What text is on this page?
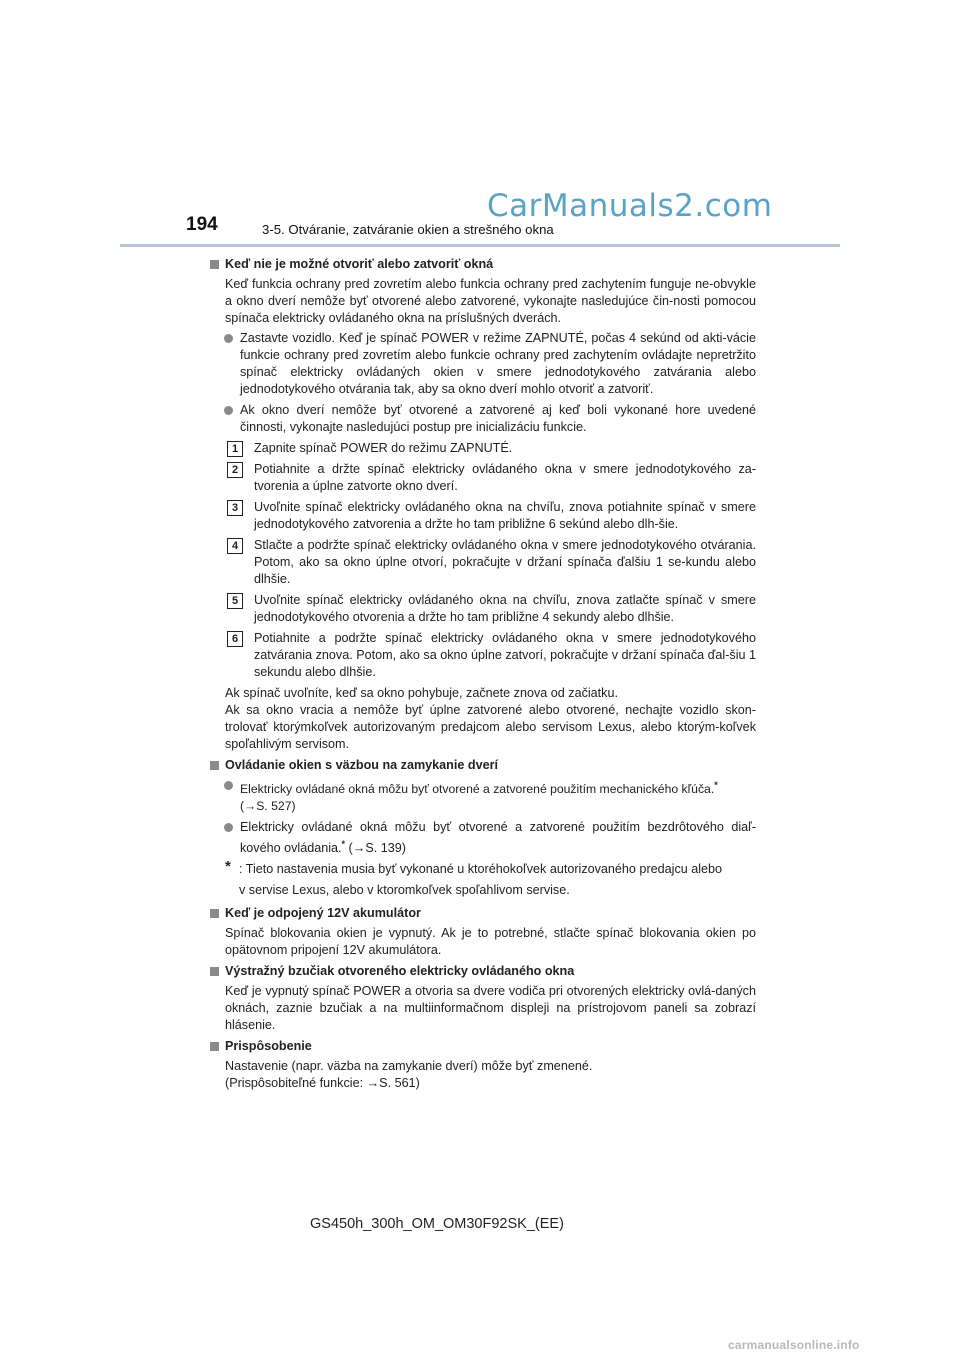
CarManuals2.com
194	3-5. Otváranie, zatváranie okien a strešného okna
Keď nie je možné otvoriť alebo zatvoriť okná
Keď funkcia ochrany pred zovretím alebo funkcia ochrany pred zachytením funguje ne-obvykle a okno dverí nemôže byť otvorené alebo zatvorené, vykonajte nasledujúce čin-nosti pomocou spínača elektricky ovládaného okna na príslušných dverách.
Zastavte vozidlo. Keď je spínač POWER v režime ZAPNUTÉ, počas 4 sekúnd od akti-vácie funkcie ochrany pred zovretím alebo funkcie ochrany pred zachytením ovládajte nepretržito spínač elektricky ovládaných okien v smere jednodotykového zatvárania alebo jednodotykového otvárania tak, aby sa okno dverí mohlo otvoriť a zatvoriť.
Ak okno dverí nemôže byť otvorené a zatvorené aj keď boli vykonané hore uvedené činnosti, vykonajte nasledujúci postup pre inicializáciu funkcie.
1	Zapnite spínač POWER do režimu ZAPNUTÉ.
2	Potiahnite a držte spínač elektricky ovládaného okna v smere jednodotykového za-tvorenia a úplne zatvorte okno dverí.
3	Uvoľnite spínač elektricky ovládaného okna na chvíľu, znova potiahnite spínač v smere jednodotykového zatvorenia a držte ho tam približne 6 sekúnd alebo dlh-šie.
4	Stlačte a podržte spínač elektricky ovládaného okna v smere jednodotykového otvárania. Potom, ako sa okno úplne otvorí, pokračujte v držaní spínača ďalšiu 1 se-kundu alebo dlhšie.
5	Uvoľnite spínač elektricky ovládaného okna na chvíľu, znova zatlačte spínač v smere jednodotykového otvorenia a držte ho tam približne 4 sekundy alebo dlhšie.
6	Potiahnite a podržte spínač elektricky ovládaného okna v smere jednodotykového zatvárania znova. Potom, ako sa okno úplne zatvorí, pokračujte v držaní spínača ďal-šiu 1 sekundu alebo dlhšie.
Ak spínač uvoľníte, keď sa okno pohybuje, začnete znova od začiatku.
Ak sa okno vracia a nemôže byť úplne zatvorené alebo otvorené, nechajte vozidlo skon-trolovať ktorýmkoľvek autorizovaným predajcom alebo servisom Lexus, alebo ktorým-koľvek spoľahlivým servisom.
Ovládanie okien s väzbou na zamykanie dverí
Elektricky ovládané okná môžu byť otvorené a zatvorené použitím mechanického kľúča.*
(→S. 527)
Elektricky ovládané okná môžu byť otvorené a zatvorené použitím bezdrôtového diaľ-kového ovládania.* (→S. 139)
* : Tieto nastavenia musia byť vykonané u ktoréhokoľvek autorizovaného predajcu alebo
v servise Lexus, alebo v ktoromkoľvek spoľahlivom servise.
Keď je odpojený 12V akumulátor
Spínač blokovania okien je vypnutý. Ak je to potrebné, stlačte spínač blokovania okien po opätovnom pripojení 12V akumulátora.
Výstražný bzučiak otvoreného elektricky ovládaného okna
Keď je vypnutý spínač POWER a otvoria sa dvere vodiča pri otvorených elektricky ovlá-daných oknách, zaznie bzučiak a na multiinformačnom displeji na prístrojovom paneli sa zobrazí hlásenie.
Prispôsobenie
Nastavenie (napr. väzba na zamykanie dverí) môže byť zmenené.
(Prispôsobiteľné funkcie: →S. 561)
GS450h_300h_OM_OM30F92SK_(EE)
carmanualsonline.info
